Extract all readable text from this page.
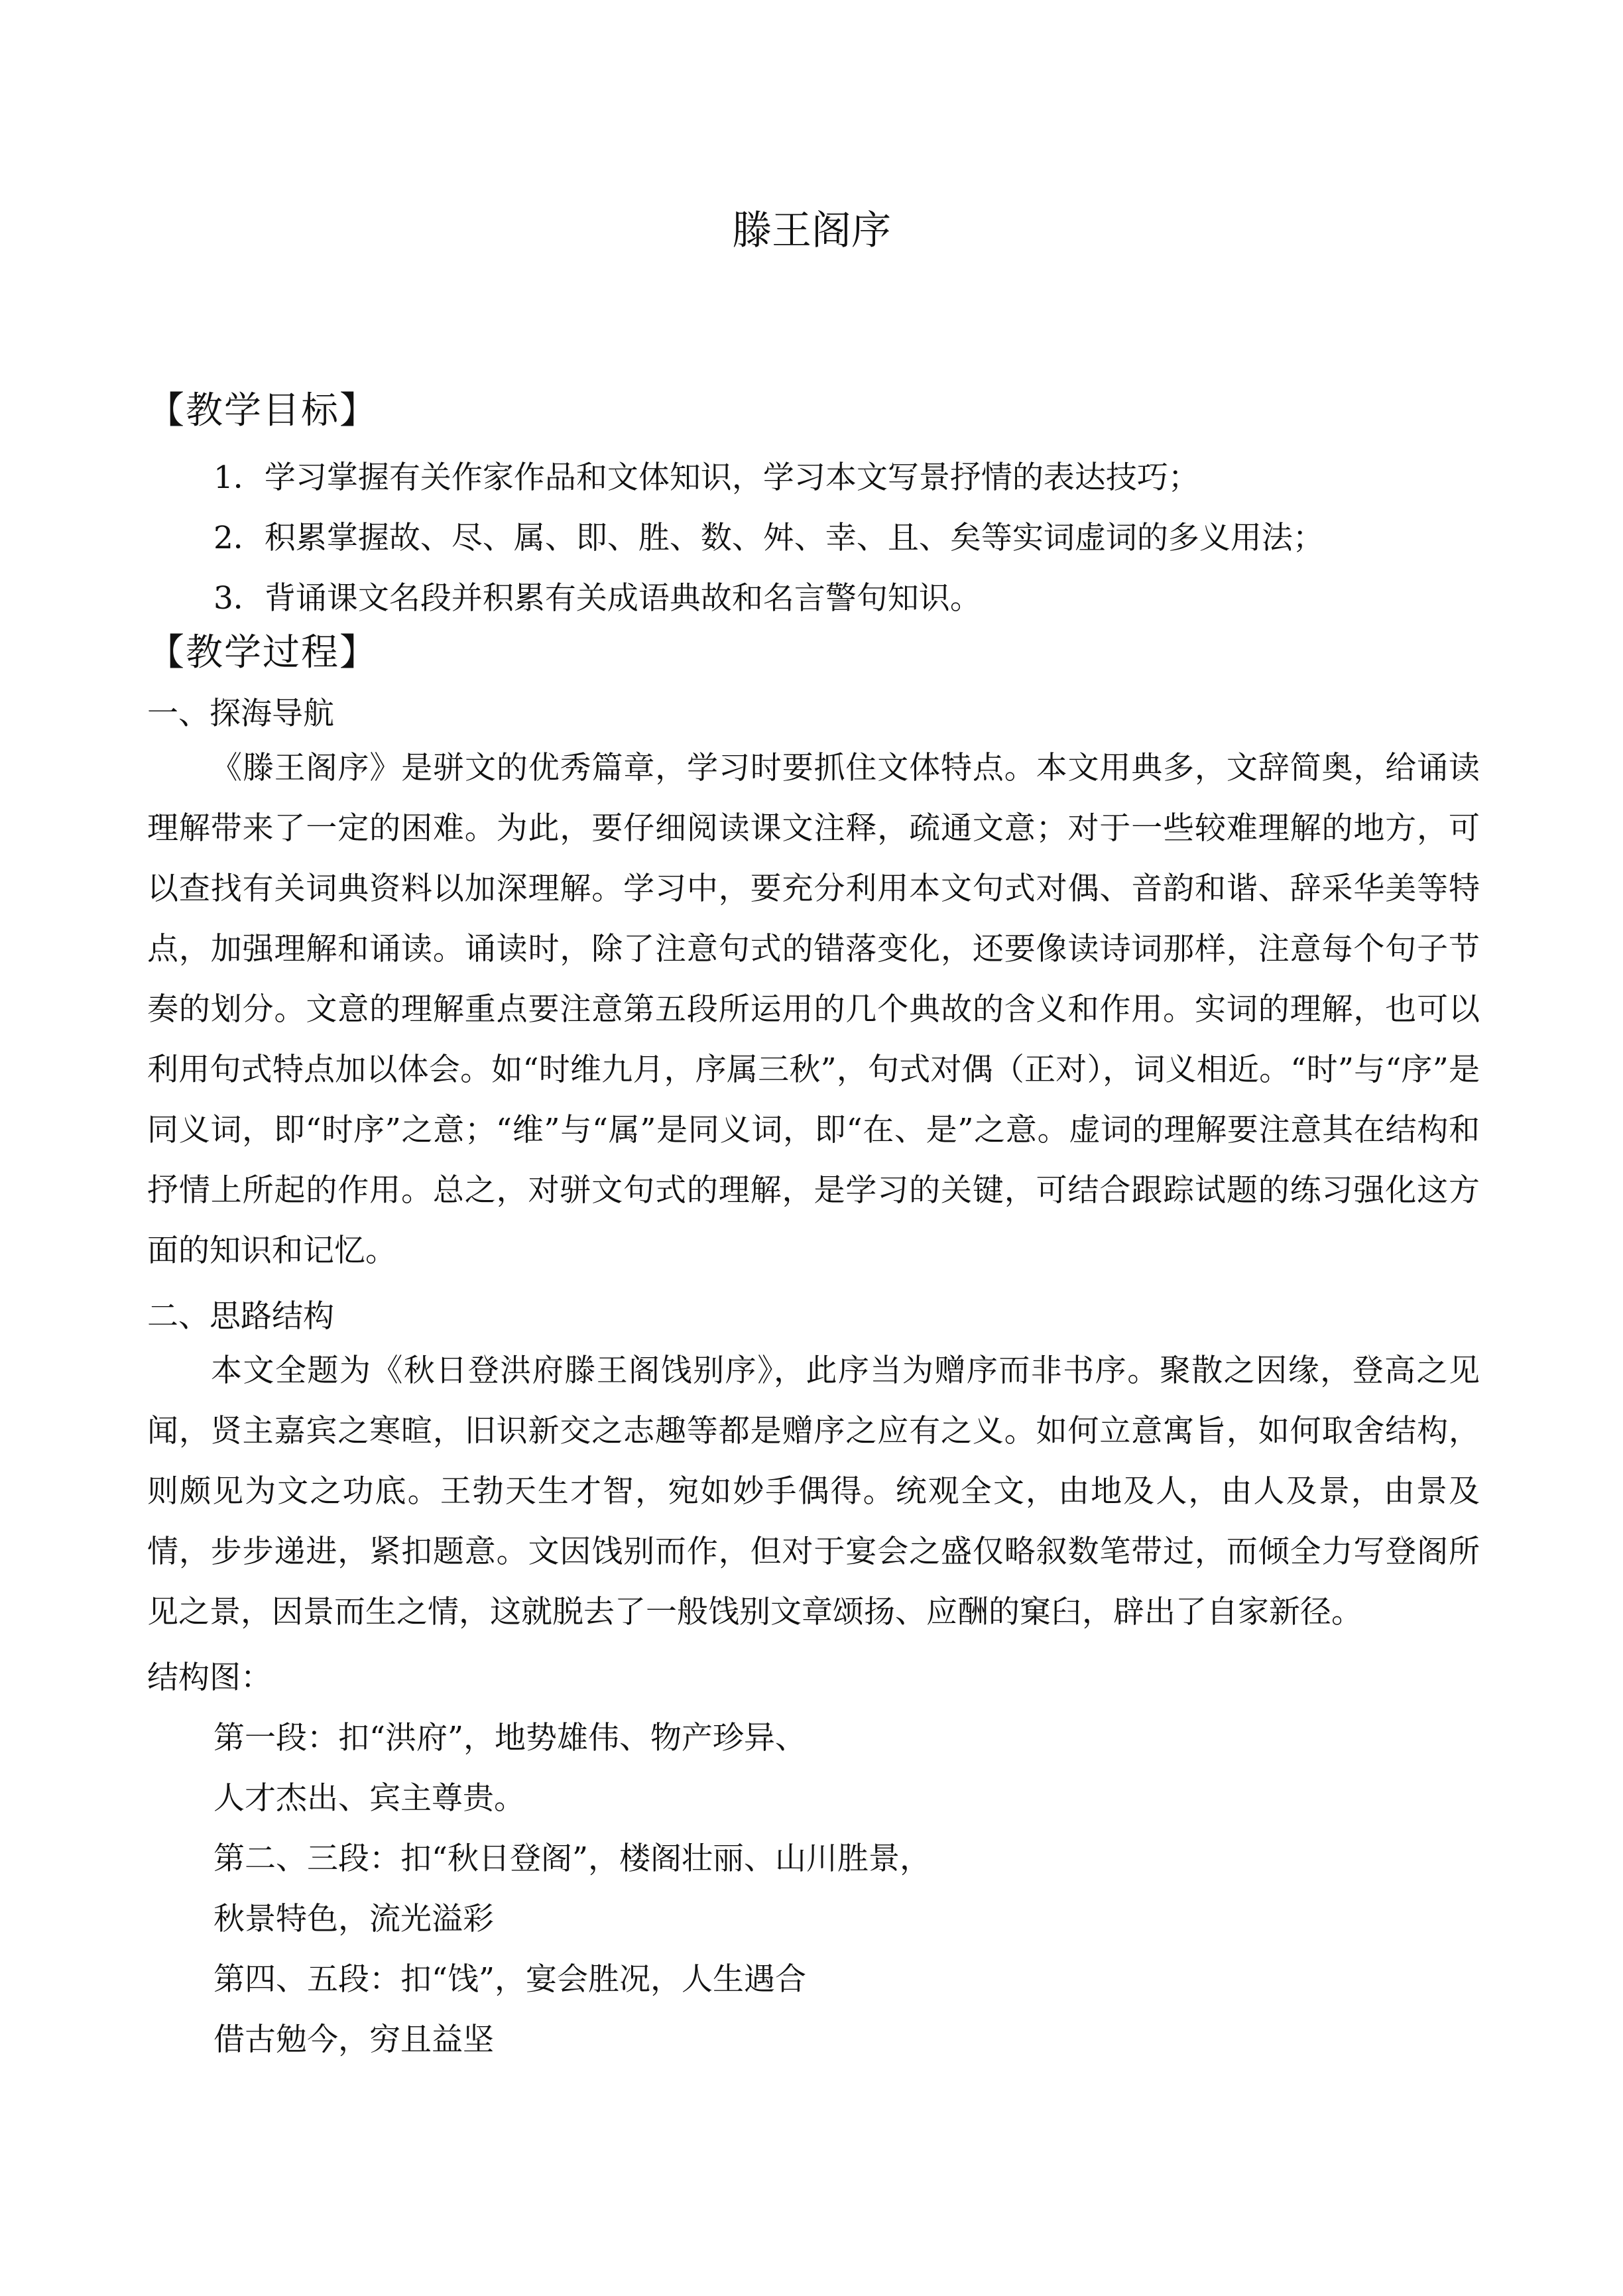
滕王阁序
【教学目标】
1．学习掌握有关作家作品和文体知识，学习本文写景抒情的表达技巧；
2．积累掌握故、尽、属、即、胜、数、舛、幸、且、矣等实词虚词的多义用法；
3．背诵课文名段并积累有关成语典故和名言警句知识。
【教学过程】
一、探海导航

《滕王阁序》是骈文的优秀篇章，学习时要抓住文体特点。本文用典多，文辞简奥，给诵读理解带来了一定的困难。为此，要仔细阅读课文注释，疏通文意；对于一些较难理解的地方，可以查找有关词典资料以加深理解。学习中，要充分利用本文句式对偶、音韵和谐、辞采华美等特点，加强理解和诵读。诵读时，除了注意句式的错落变化，还要像读诗词那样，注意每个句子节奏的划分。文意的理解重点要注意第五段所运用的几个典故的含义和作用。实词的理解，也可以利用句式特点加以体会。如“时维九月，序属三秋”，句式对偶（正对），词义相近。“时”与“序”是同义词，即“时序”之意；“维”与“属”是同义词，即“在、是”之意。虚词的理解要注意其在结构和抒情上所起的作用。总之，对骈文句式的理解，是学习的关键，可结合跟踪试题的练习强化这方面的知识和记忆。

二、思路结构

本文全题为《秋日登洪府滕王阁饯别序》，此序当为赠序而非书序。聚散之因缘，登高之见闻，贤主嘉宾之寒暄，旧识新交之志趣等都是赠序之应有之义。如何立意寓旨，如何取舍结构，则颇见为文之功底。王勃天生才智，宛如妙手偶得。统观全文，由地及人，由人及景，由景及情，步步递进，紧扣题意。文因饯别而作，但对于宴会之盛仅略叙数笔带过，而倾全力写登阁所见之景，因景而生之情，这就脱去了一般饯别文章颂扬、应酬的窠臼，辟出了自家新径。

结构图：
第一段：扣“洪府”，地势雄伟、物产珍异、
人才杰出、宾主尊贵。
第二、三段：扣“秋日登阁”，楼阁壮丽、山川胜景，
秋景特色，流光溢彩
第四、五段：扣“饯”，宴会胜况，人生遇合
借古勉今，穷且益坚
